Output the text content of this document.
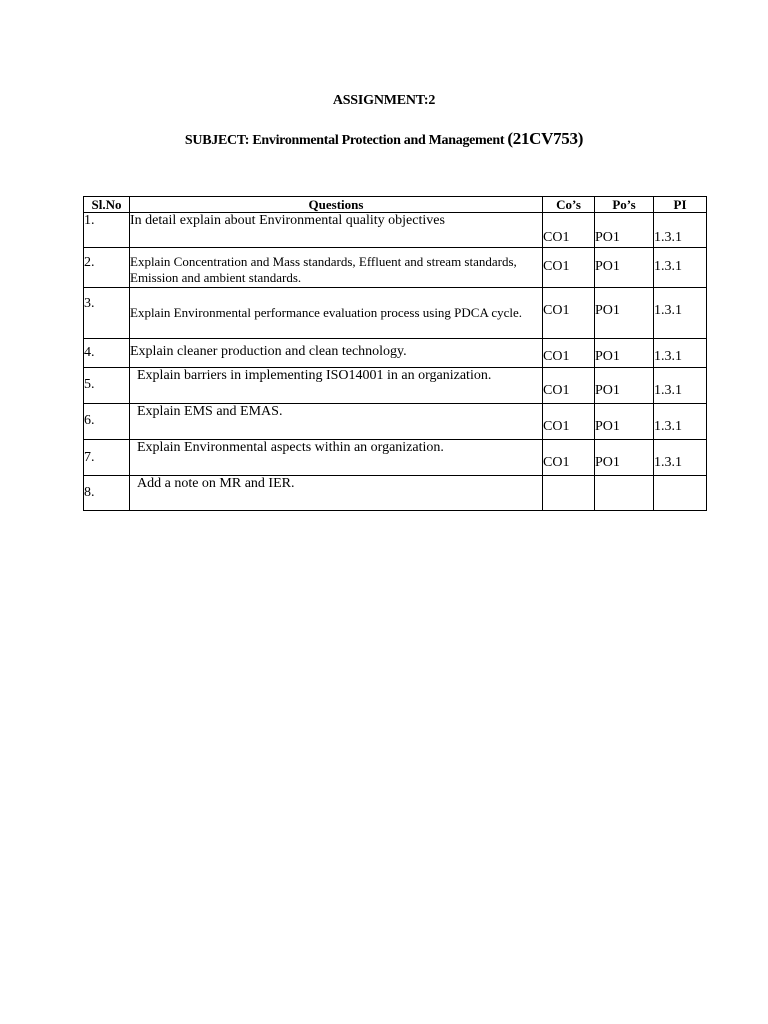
ASSIGNMENT:2
SUBJECT: Environmental Protection and Management (21CV753)
Sl.No	Questions	Co’s	Po’s	PI
1.	In detail explain about Environmental quality objectives	CO1	PO1	1.3.1

2.	Explain Concentration and Mass standards, Effluent and stream standards, Emission and ambient standards.	CO1	PO1	1.3.1

3.	Explain Environmental performance evaluation process using PDCA cycle.	CO1	PO1	1.3.1

4.	Explain cleaner production and clean technology.	CO1	PO1	1.3.1

5.	Explain barriers in implementing ISO14001 in an organization.	CO1	PO1	1.3.1

6.	Explain EMS and EMAS.	CO1	PO1	1.3.1

7.	Explain Environmental aspects within an organization.	CO1	PO1	1.3.1

8.	Add a note on MR and IER.			
